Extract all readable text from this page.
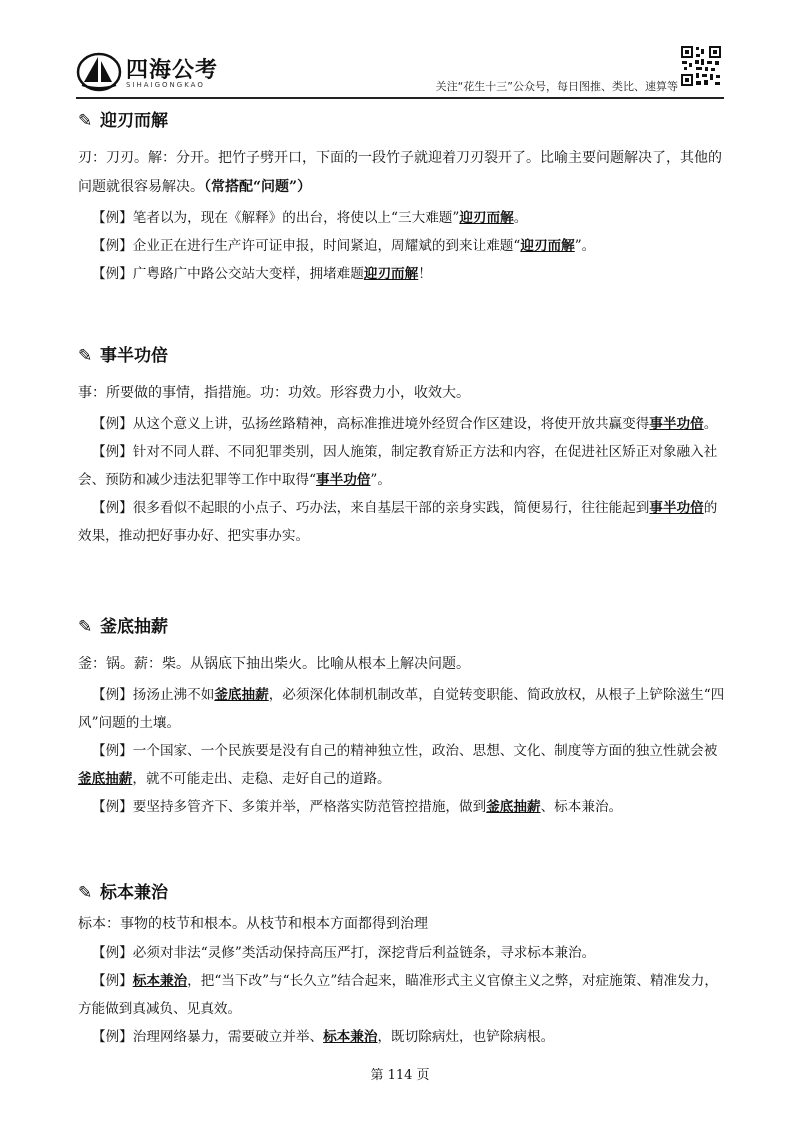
四海公考
SIHAIGONGKAO	关注“花生十三”公众号，每日图推、类比、速算等
✎ 迎刃而解
刃：刀刃。解：分开。把竹子劈开口，下面的一段竹子就迎着刀刃裂开了。比喻主要问题解决了，其他的问题就很容易解决。（常搭配“问题”）
【例】笔者以为，现在《解释》的出台，将使以上“三大难题”迎刃而解。
【例】企业正在进行生产许可证申报，时间紧迫，周耀斌的到来让难题“迎刃而解”。
【例】广粤路广中路公交站大变样，拥堵难题迎刃而解！
✎ 事半功倍
事：所要做的事情，指措施。功：功效。形容费力小，收效大。
【例】从这个意义上讲，弘扬丝路精神，高标准推进境外经贸合作区建设，将使开放共赢变得事半功倍。
【例】针对不同人群、不同犯罪类别，因人施策，制定教育矫正方法和内容，在促进社区矫正对象融入社会、预防和减少违法犯罪等工作中取得“事半功倍”。
【例】很多看似不起眼的小点子、巧办法，来自基层干部的亲身实践，简便易行，往往能起到事半功倍的效果，推动把好事办好、把实事办实。
✎ 釜底抽薪
釜：锅。薪：柴。从锅底下抽出柴火。比喻从根本上解决问题。
【例】扬汤止沸不如釜底抽薪，必须深化体制机制改革，自觉转变职能、简政放权，从根子上铲除滋生“四风”问题的土壤。
【例】一个国家、一个民族要是没有自己的精神独立性，政治、思想、文化、制度等方面的独立性就会被釜底抽薪，就不可能走出、走稳、走好自己的道路。
【例】要坚持多管齐下、多策并举，严格落实防范管控措施，做到釜底抽薪、标本兼治。
✎ 标本兼治
标本：事物的枝节和根本。从枝节和根本方面都得到治理
【例】必须对非法“灵修”类活动保持高压严打，深挖背后利益链条，寻求标本兼治。
【例】标本兼治，把“当下改”与“长久立”结合起来，瞄准形式主义官僚主义之弊，对症施策、精准发力，方能做到真减负、见真效。
【例】治理网络暴力，需要破立并举、标本兼治，既切除病灶，也铲除病根。
第 114 页
